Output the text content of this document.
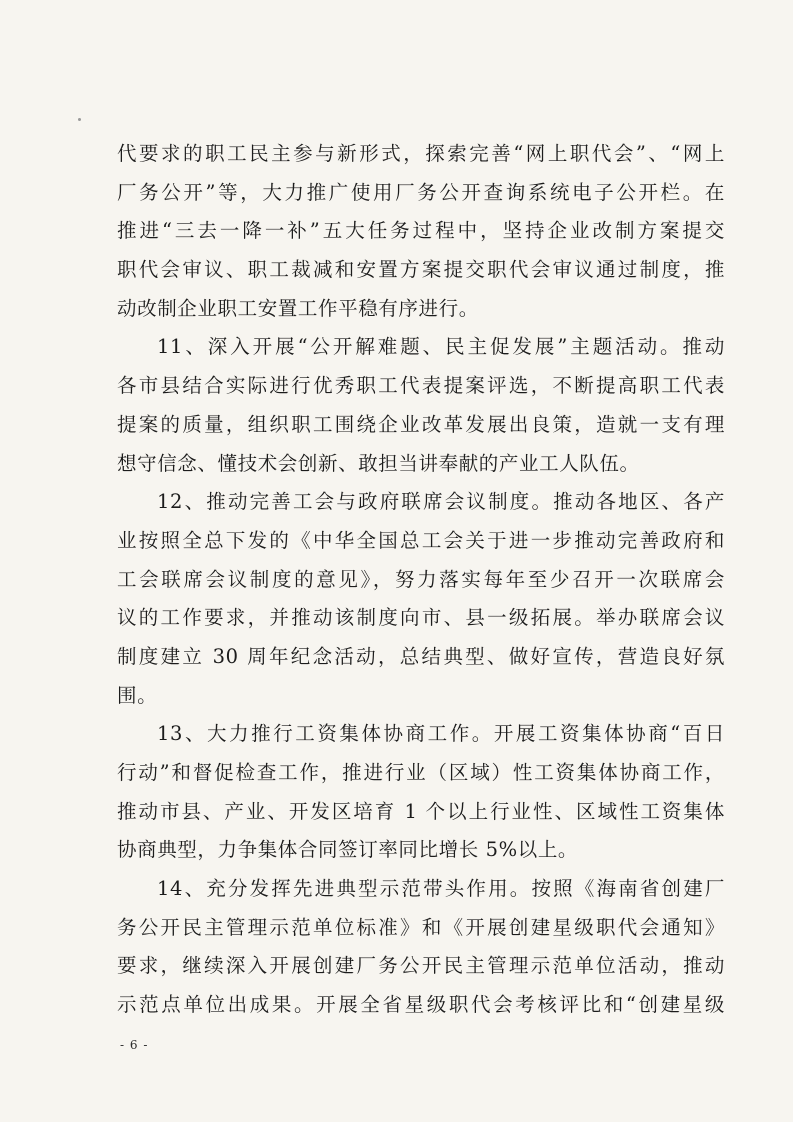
代要求的职工民主参与新形式，探索完善“网上职代会”、“网上
厂务公开”等，大力推广使用厂务公开查询系统电子公开栏。在
推进“三去一降一补”五大任务过程中，坚持企业改制方案提交
职代会审议、职工裁减和安置方案提交职代会审议通过制度，推
动改制企业职工安置工作平稳有序进行。
11、深入开展“公开解难题、民主促发展”主题活动。推动
各市县结合实际进行优秀职工代表提案评选，不断提高职工代表
提案的质量，组织职工围绕企业改革发展出良策，造就一支有理
想守信念、懂技术会创新、敢担当讲奉献的产业工人队伍。
12、推动完善工会与政府联席会议制度。推动各地区、各产
业按照全总下发的《中华全国总工会关于进一步推动完善政府和
工会联席会议制度的意见》，努力落实每年至少召开一次联席会
议的工作要求，并推动该制度向市、县一级拓展。举办联席会议
制度建立 30 周年纪念活动，总结典型、做好宣传，营造良好氛
围。
13、大力推行工资集体协商工作。开展工资集体协商“百日
行动”和督促检查工作，推进行业（区域）性工资集体协商工作，
推动市县、产业、开发区培育 1 个以上行业性、区域性工资集体
协商典型，力争集体合同签订率同比增长 5%以上。
14、充分发挥先进典型示范带头作用。按照《海南省创建厂
务公开民主管理示范单位标准》和《开展创建星级职代会通知》
要求，继续深入开展创建厂务公开民主管理示范单位活动，推动
示范点单位出成果。开展全省星级职代会考核评比和“创建星级
- 6 -
